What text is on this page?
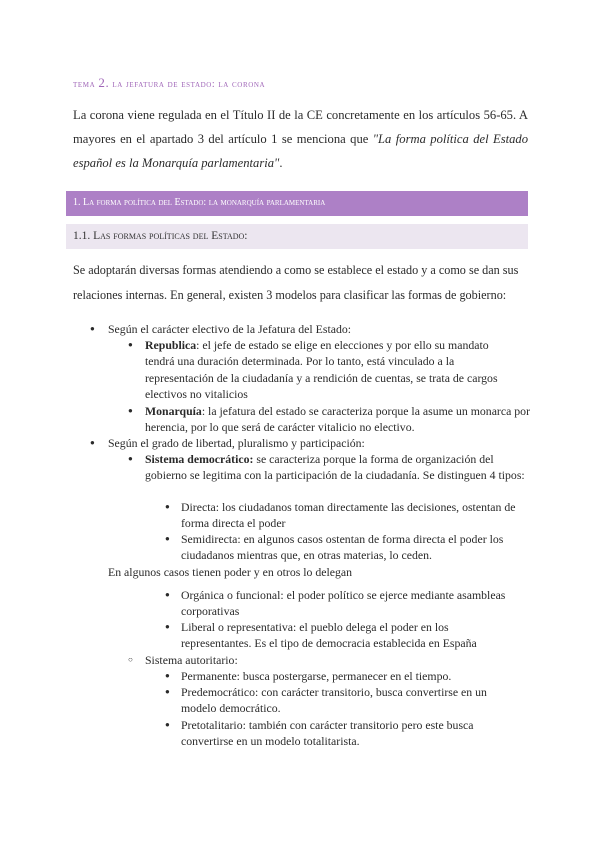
tema 2. la jefatura de estado: la corona
La corona viene regulada en el Título II de la CE concretamente en los artículos 56-65. A mayores en el apartado 3 del artículo 1 se menciona que "La forma política del Estado español es la Monarquía parlamentaria".
1. La forma política del Estado: la monarquía parlamentaria
1.1. Las formas políticas del Estado:
Se adoptarán diversas formas atendiendo a como se establece el estado y a como se dan sus relaciones internas. En general, existen 3 modelos para clasificar las formas de gobierno:
● Según el carácter electivo de la Jefatura del Estado:
● Republica: el jefe de estado se elige en elecciones y por ello su mandato tendrá una duración determinada. Por lo tanto, está vinculado a la representación de la ciudadanía y a rendición de cuentas, se trata de cargos electivos no vitalicios
● Monarquía: la jefatura del estado se caracteriza porque la asume un monarca por herencia, por lo que será de carácter vitalicio no electivo.
● Según el grado de libertad, pluralismo y participación:
● Sistema democrático: se caracteriza porque la forma de organización del gobierno se legitima con la participación de la ciudadanía. Se distinguen 4 tipos:
● Directa: los ciudadanos toman directamente las decisiones, ostentan de forma directa el poder
● Semidirecta: en algunos casos ostentan de forma directa el poder los ciudadanos mientras que, en otras materias, lo ceden.
En algunos casos tienen poder y en otros lo delegan
● Orgánica o funcional: el poder político se ejerce mediante asambleas corporativas
● Liberal o representativa: el pueblo delega el poder en los representantes. Es el tipo de democracia establecida en España
○ Sistema autoritario:
● Permanente: busca postergarse, permanecer en el tiempo.
● Predemocrático: con carácter transitorio, busca convertirse en un modelo democrático.
● Pretotalitario: también con carácter transitorio pero este busca convertirse en un modelo totalitarista.
